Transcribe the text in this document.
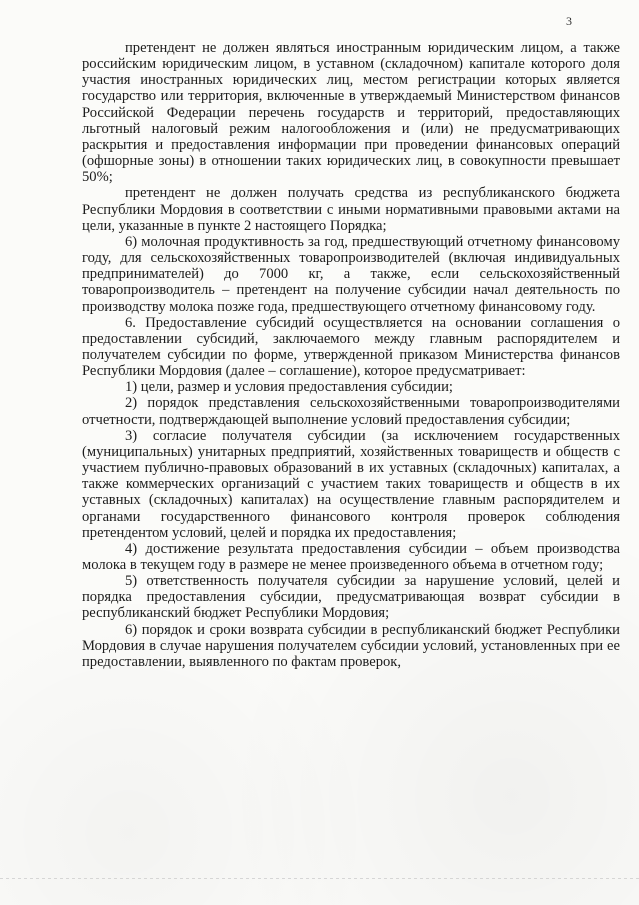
3

претендент не должен являться иностранным юридическим лицом, а также российским юридическим лицом, в уставном (складочном) капитале которого доля участия иностранных юридических лиц, местом регистрации которых является государство или территория, включенные в утверждаемый Министерством финансов Российской Федерации перечень государств и территорий, предоставляющих льготный налоговый режим налогообложения и (или) не предусматривающих раскрытия и предоставления информации при проведении финансовых операций (офшорные зоны) в отношении таких юридических лиц, в совокупности превышает 50%;

претендент не должен получать средства из республиканского бюджета Республики Мордовия в соответствии с иными нормативными правовыми актами на цели, указанные в пункте 2 настоящего Порядка;

6) молочная продуктивность за год, предшествующий отчетному финансовому году, для сельскохозяйственных товаропроизводителей (включая индивидуальных предпринимателей) до 7000 кг, а также, если сельскохозяйственный товаропроизводитель – претендент на получение субсидии начал деятельность по производству молока позже года, предшествующего отчетному финансовому году.

6. Предоставление субсидий осуществляется на основании соглашения о предоставлении субсидий, заключаемого между главным распорядителем и получателем субсидии по форме, утвержденной приказом Министерства финансов Республики Мордовия (далее – соглашение), которое предусматривает:

1) цели, размер и условия предоставления субсидии;

2) порядок представления сельскохозяйственными товаропроизводителями отчетности, подтверждающей выполнение условий предоставления субсидии;

3) согласие получателя субсидии (за исключением государственных (муниципальных) унитарных предприятий, хозяйственных товариществ и обществ с участием публично-правовых образований в их уставных (складочных) капиталах, а также коммерческих организаций с участием таких товариществ и обществ в их уставных (складочных) капиталах) на осуществление главным распорядителем и органами государственного финансового контроля проверок соблюдения претендентом условий, целей и порядка их предоставления;

4) достижение результата предоставления субсидии – объем производства молока в текущем году в размере не менее произведенного объема в отчетном году;

5) ответственность получателя субсидии за нарушение условий, целей и порядка предоставления субсидии, предусматривающая возврат субсидии в республиканский бюджет Республики Мордовия;

6) порядок и сроки возврата субсидии в республиканский бюджет Республики Мордовия в случае нарушения получателем субсидии условий, установленных при ее предоставлении, выявленного по фактам проверок,
